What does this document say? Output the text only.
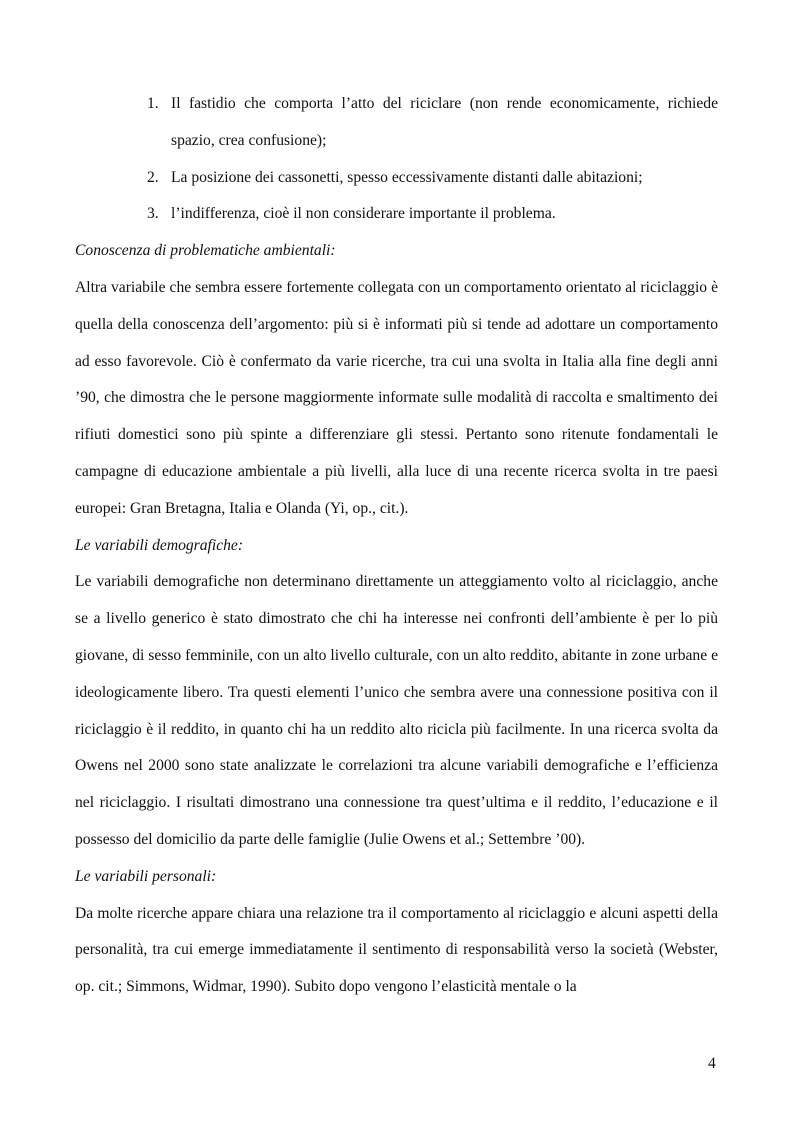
1. Il fastidio che comporta l’atto del riciclare (non rende economicamente, richiede spazio, crea confusione);
2. La posizione dei cassonetti, spesso eccessivamente distanti dalle abitazioni;
3. l’indifferenza, cioè il non considerare importante il problema.
Conoscenza di problematiche ambientali:

Altra variabile che sembra essere fortemente collegata con un comportamento orientato al riciclaggio è quella della conoscenza dell’argomento: più si è informati più si tende ad adottare un comportamento ad esso favorevole. Ciò è confermato da varie ricerche, tra cui una svolta in Italia alla fine degli anni ’90, che dimostra che le persone maggiormente informate sulle modalità di raccolta e smaltimento dei rifiuti domestici sono più spinte a differenziare gli stessi. Pertanto sono ritenute fondamentali le campagne di educazione ambientale a più livelli, alla luce di una recente ricerca svolta in tre paesi europei: Gran Bretagna, Italia e Olanda (Yi, op., cit.).

Le variabili demografiche:

Le variabili demografiche non determinano direttamente un atteggiamento volto al riciclaggio, anche se a livello generico è stato dimostrato che chi ha interesse nei confronti dell’ambiente è per lo più giovane, di sesso femminile, con un alto livello culturale, con un alto reddito, abitante in zone urbane e ideologicamente libero. Tra questi elementi l’unico che sembra avere una connessione positiva con il riciclaggio è il reddito, in quanto chi ha un reddito alto ricicla più facilmente. In una ricerca svolta da Owens nel 2000 sono state analizzate le correlazioni tra alcune variabili demografiche e l’efficienza nel riciclaggio. I risultati dimostrano una connessione tra quest’ultima e il reddito, l’educazione e il possesso del domicilio da parte delle famiglie (Julie Owens et al.; Settembre ’00).

Le variabili personali:

Da molte ricerche appare chiara una relazione tra il comportamento al riciclaggio e alcuni aspetti della personalità, tra cui emerge immediatamente il sentimento di responsabilità verso la società (Webster, op. cit.; Simmons, Widmar, 1990). Subito dopo vengono l’elasticità mentale o la

4
